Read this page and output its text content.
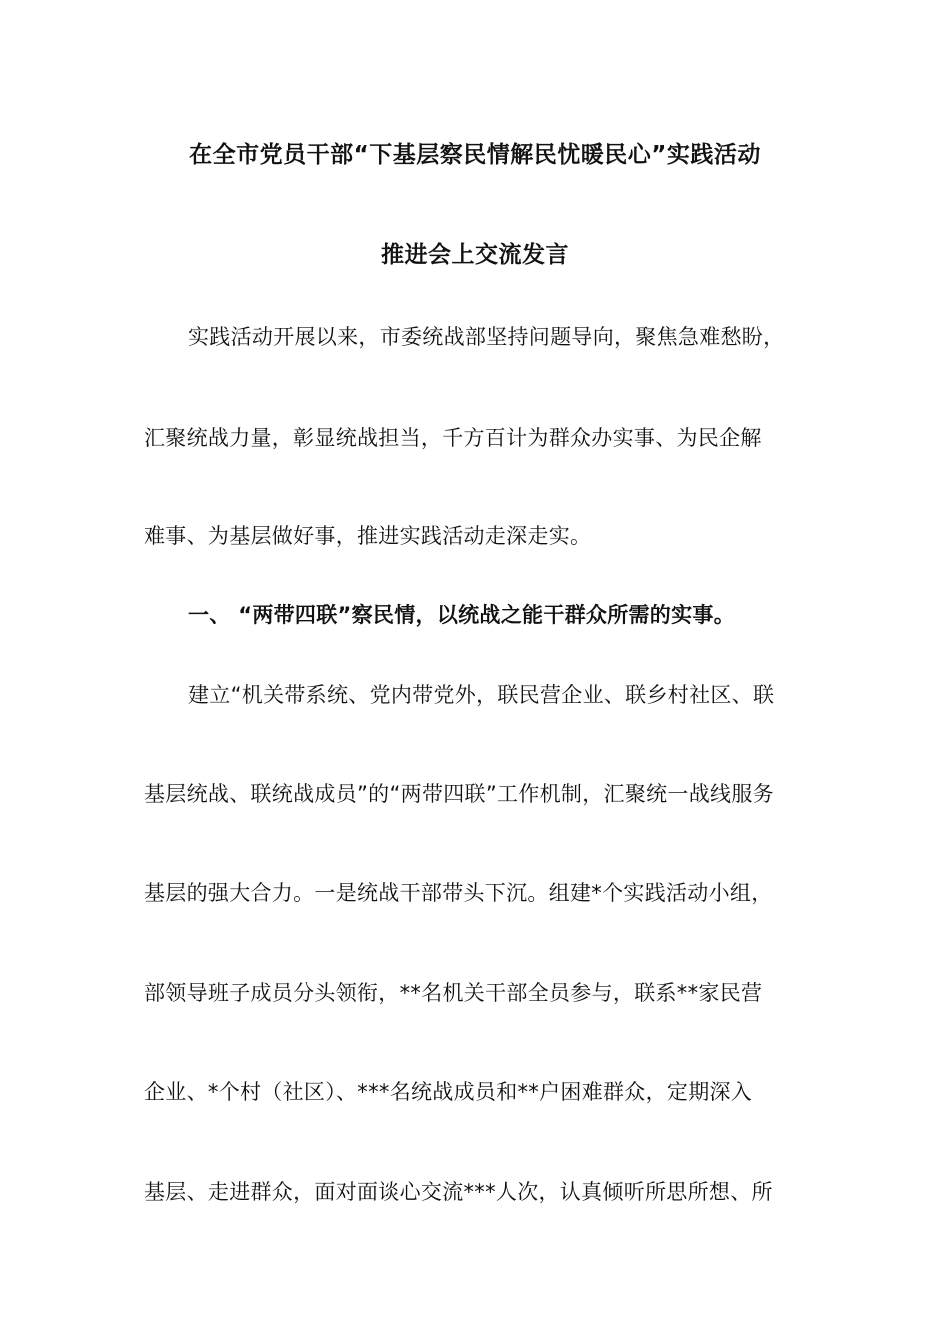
在全市党员干部“下基层察民情解民忧暖民心”实践活动
推进会上交流发言
实践活动开展以来，市委统战部坚持问题导向，聚焦急难愁盼，
汇聚统战力量，彰显统战担当，千方百计为群众办实事、为民企解
难事、为基层做好事，推进实践活动走深走实。
一、 “两带四联”察民情，以统战之能干群众所需的实事。
建立“机关带系统、党内带党外，联民营企业、联乡村社区、联
基层统战、联统战成员”的“两带四联”工作机制，汇聚统一战线服务
基层的强大合力。一是统战干部带头下沉。组建*个实践活动小组，
部领导班子成员分头领衔，**名机关干部全员参与，联系**家民营
企业、*个村（社区）、***名统战成员和**户困难群众，定期深入
基层、走进群众，面对面谈心交流***人次，认真倾听所思所想、所
